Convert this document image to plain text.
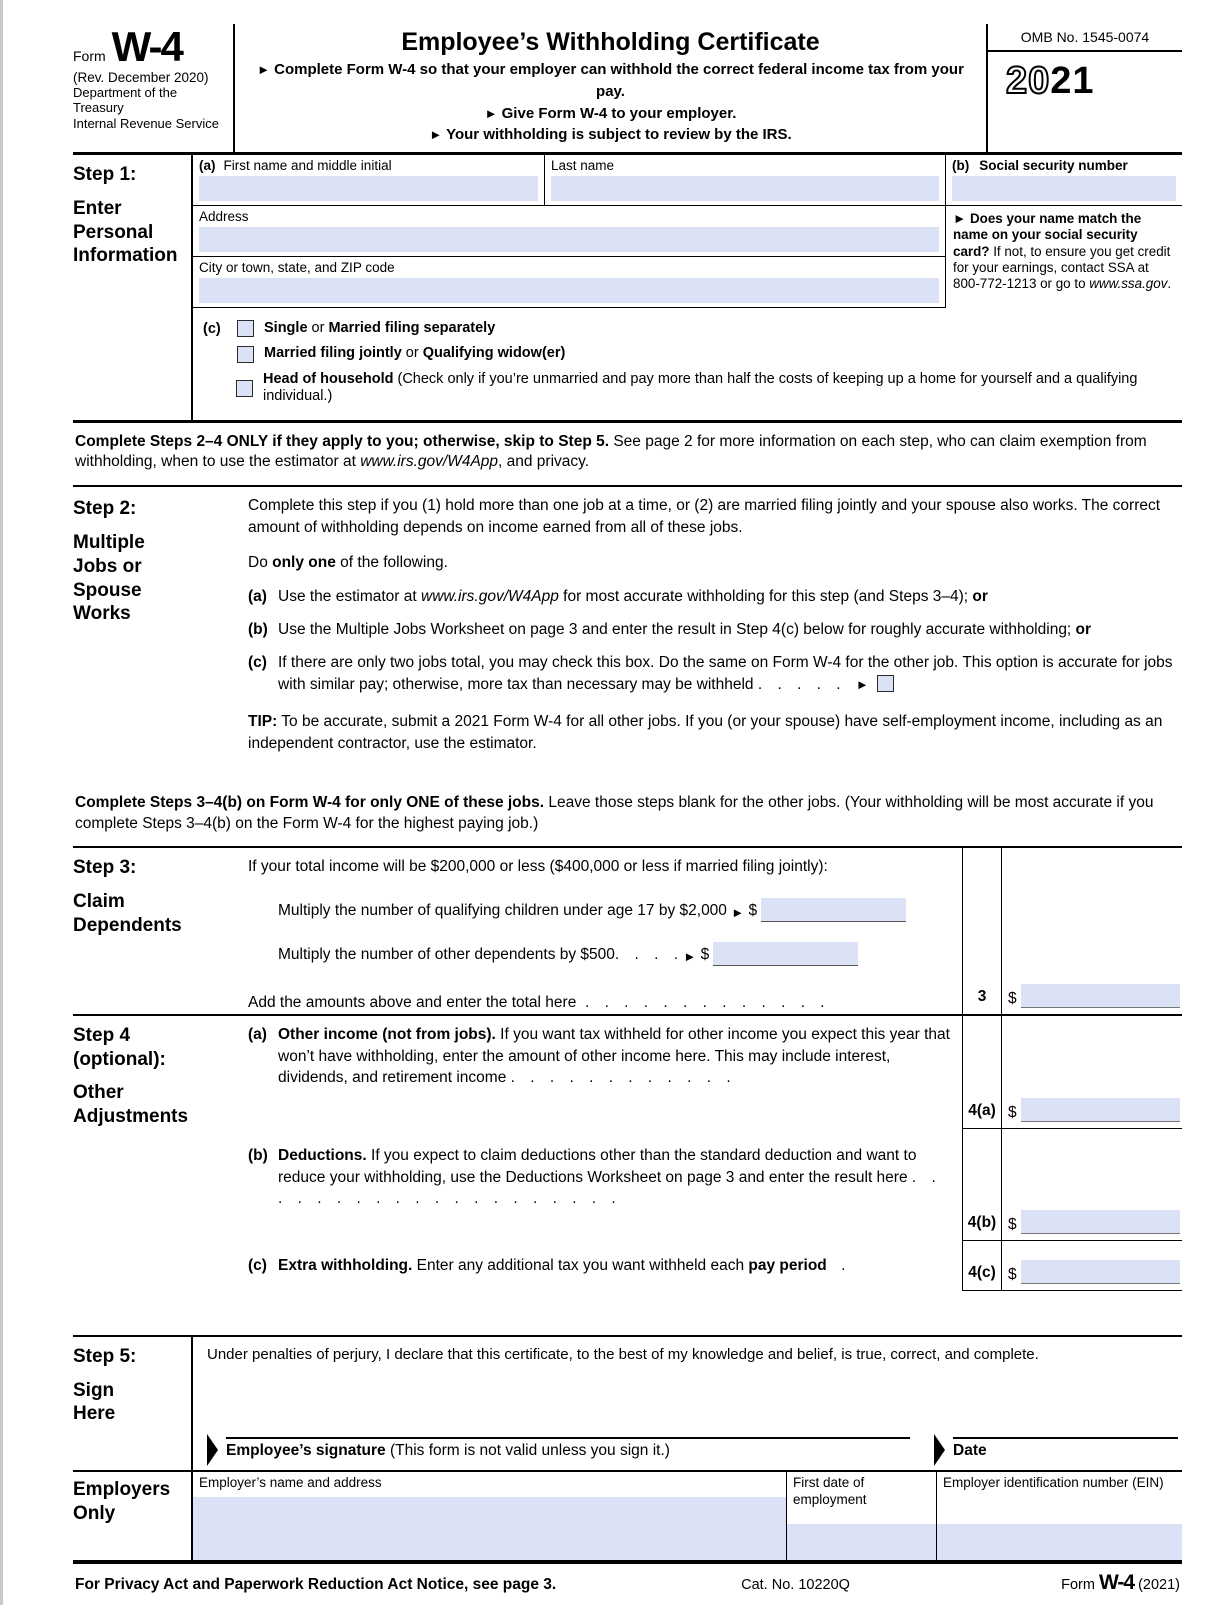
Form W-4
(Rev. December 2020)
Department of the Treasury
Internal Revenue Service
Employee’s Withholding Certificate
► Complete Form W-4 so that your employer can withhold the correct federal income tax from your pay.
► Give Form W-4 to your employer.
► Your withholding is subject to review by the IRS.
OMB No. 1545-0074
2021
Step 1:
Enter Personal Information
(a) First name and middle initial	Last name
Address
City or town, state, and ZIP code
(b) Social security number
► Does your name match the name on your social security card? If not, to ensure you get credit for your earnings, contact SSA at 800-772-1213 or go to www.ssa.gov.
(c)	Single or Married filing separately
Married filing jointly or Qualifying widow(er)
Head of household (Check only if you’re unmarried and pay more than half the costs of keeping up a home for yourself and a qualifying individual.)
Complete Steps 2–4 ONLY if they apply to you; otherwise, skip to Step 5. See page 2 for more information on each step, who can claim exemption from withholding, when to use the estimator at www.irs.gov/W4App, and privacy.
Step 2:
Multiple Jobs or Spouse Works

Complete this step if you (1) hold more than one job at a time, or (2) are married filing jointly and your spouse also works. The correct amount of withholding depends on income earned from all of these jobs.

Do only one of the following.

(a) Use the estimator at www.irs.gov/W4App for most accurate withholding for this step (and Steps 3–4); or
(b) Use the Multiple Jobs Worksheet on page 3 and enter the result in Step 4(c) below for roughly accurate withholding; or
(c) If there are only two jobs total, you may check this box. Do the same on Form W-4 for the other job. This option is accurate for jobs with similar pay; otherwise, more tax than necessary may be withheld . . . . . ►

TIP: To be accurate, submit a 2021 Form W-4 for all other jobs. If you (or your spouse) have self-employment income, including as an independent contractor, use the estimator.

Complete Steps 3–4(b) on Form W-4 for only ONE of these jobs. Leave those steps blank for the other jobs. (Your withholding will be most accurate if you complete Steps 3–4(b) on the Form W-4 for the highest paying job.)
Step 3:
Claim Dependents
If your total income will be $200,000 or less ($400,000 or less if married filing jointly):
Multiply the number of qualifying children under age 17 by $2,000
►
$
Multiply the number of other dependents by $500 . . . .
►
$
Add the amounts above and enter the total here
. . . . . . . . . . . . .	3	$
Step 4 (optional):
Other Adjustments
(a) Other income (not from jobs). If you want tax withheld for other income you expect this year that won’t have withholding, enter the amount of other income here. This may include interest, dividends, and retirement income . . . . . . . . . . . .
4(a) $
(b) Deductions. If you expect to claim deductions other than the standard deduction and want to reduce your withholding, use the Deductions Worksheet on page 3 and enter the result here . . . . . . . . . . . . . . . . . . . .
4(b) $
(c) Extra withholding. Enter any additional tax you want withheld each pay period .	4(c) $
Step 5:
Sign Here
Under penalties of perjury, I declare that this certificate, to the best of my knowledge and belief, is true, correct, and complete.
Employee’s signature (This form is not valid unless you sign it.)	Date
Employers Only
Employer’s name and address	First date of employment
Employer identification number (EIN)
For Privacy Act and Paperwork Reduction Act Notice, see page 3.	Cat. No. 10220Q	Form W-4 (2021)
